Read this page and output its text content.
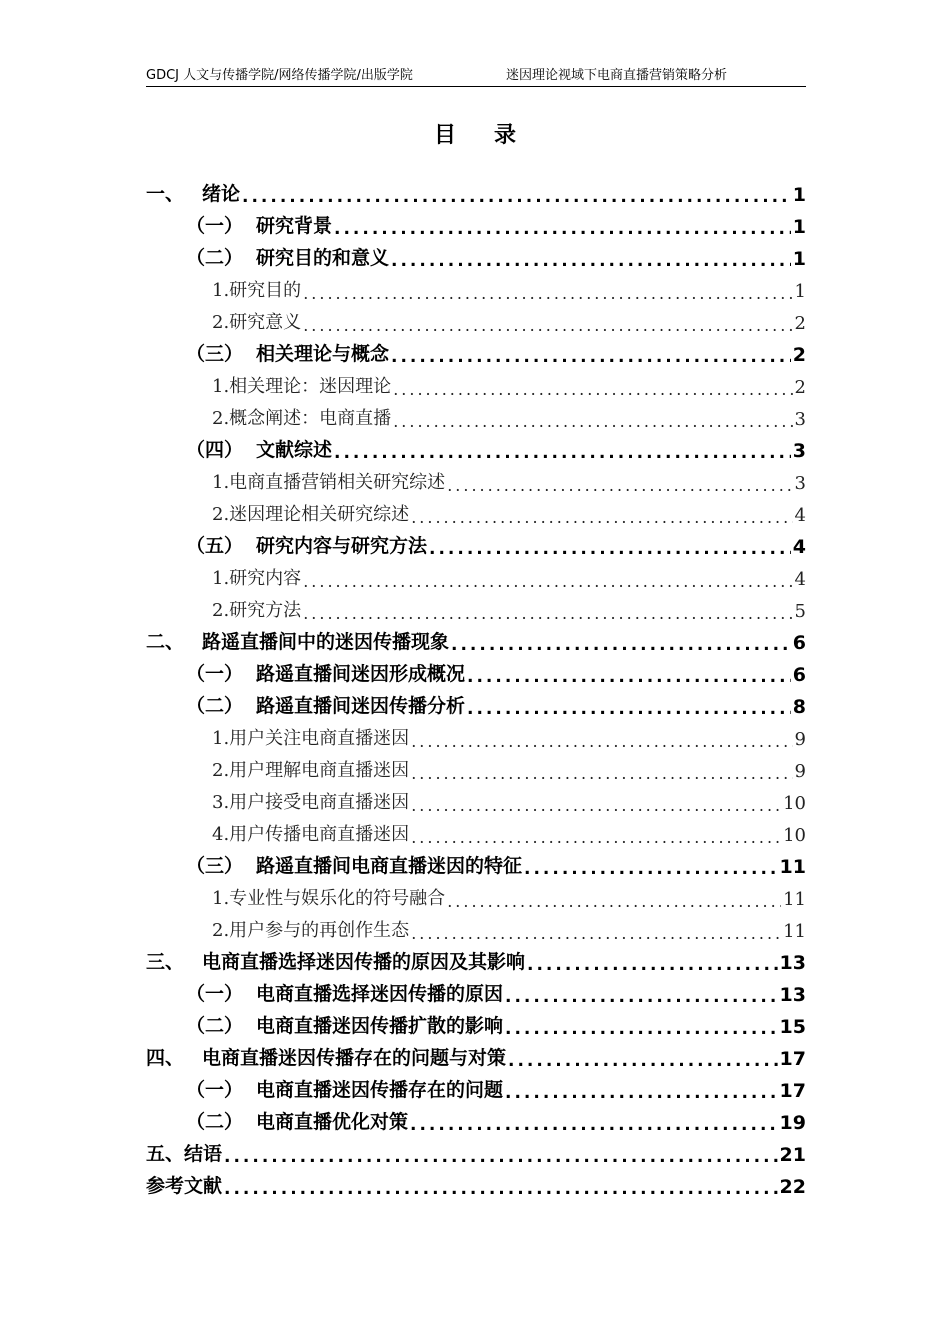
GDCJ 人文与传播学院/网络传播学院/出版学院	迷因理论视域下电商直播营销策略分析
目录
一、 绪论 .....	1
（一） 研究背景 .....	1
（二） 研究目的和意义 .....	1
1.研究目的 .....	1
2.研究意义 .....	2
（三） 相关理论与概念 .....	2
1.相关理论：迷因理论 .....	2
2.概念阐述：电商直播 .....	3
（四） 文献综述 .....	3
1.电商直播营销相关研究综述 .....	3
2.迷因理论相关研究综述 .....	4
（五） 研究内容与研究方法 .....	4
1.研究内容 .....	4
2.研究方法 .....	5
二、 路遥直播间中的迷因传播现象 .....	6
（一） 路遥直播间迷因形成概况 .....	6
（二） 路遥直播间迷因传播分析 .....	8
1.用户关注电商直播迷因 .....	9
2.用户理解电商直播迷因 .....	9
3.用户接受电商直播迷因 .....	10
4.用户传播电商直播迷因 .....	10
（三） 路遥直播间电商直播迷因的特征 .....	11
1.专业性与娱乐化的符号融合 .....	11
2.用户参与的再创作生态 .....	11
三、 电商直播选择迷因传播的原因及其影响 .....	13
（一） 电商直播选择迷因传播的原因 .....	13
（二） 电商直播迷因传播扩散的影响 .....	15
四、 电商直播迷因传播存在的问题与对策 .....	17
（一） 电商直播迷因传播存在的问题 .....	17
（二） 电商直播优化对策 .....	19
五、结语 .....	21
参考文献 .....	22
